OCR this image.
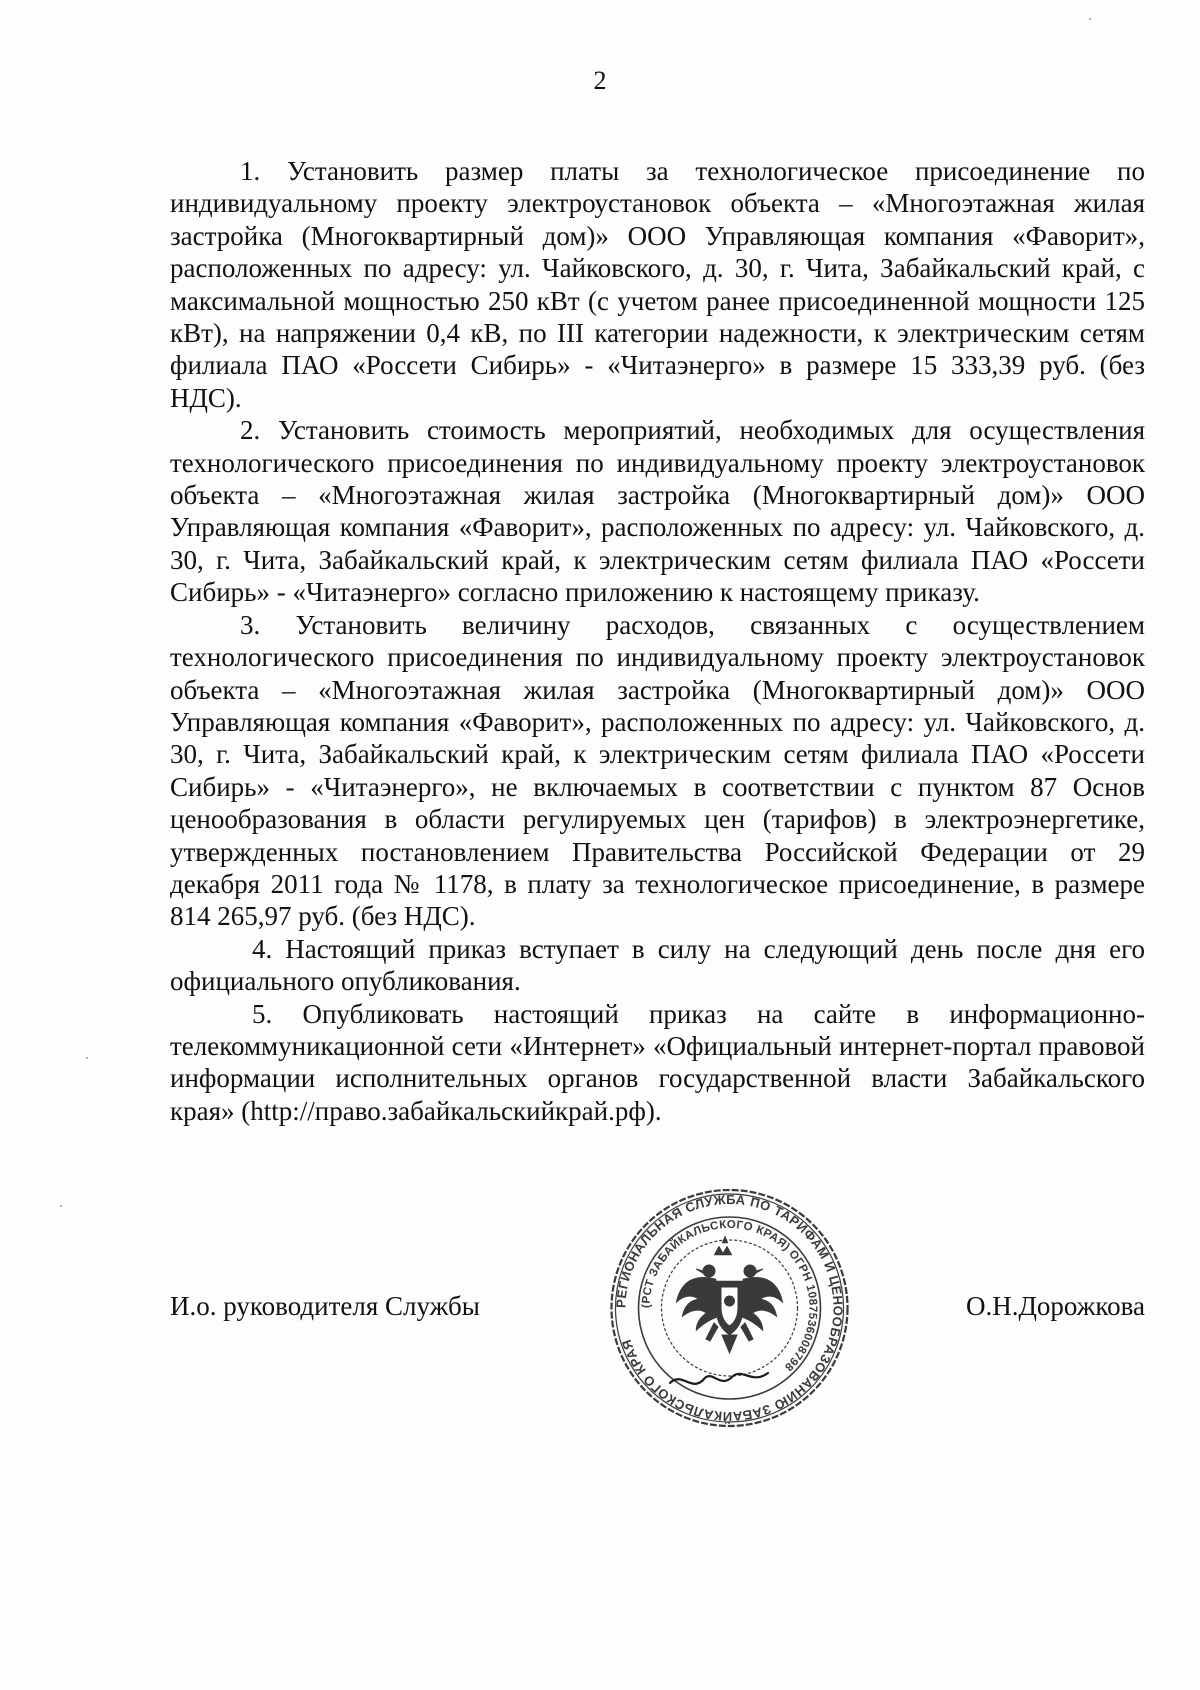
2

1. Установить размер платы за технологическое присоединение по индивидуальному проекту электроустановок объекта – «Многоэтажная жилая застройка (Многоквартирный дом)» ООО Управляющая компания «Фаворит», расположенных по адресу: ул. Чайковского, д. 30, г. Чита, Забайкальский край, с максимальной мощностью 250 кВт (с учетом ранее присоединенной мощности 125 кВт), на напряжении 0,4 кВ, по III категории надежности, к электрическим сетям филиала ПАО «Россети Сибирь» - «Читаэнерго» в размере 15 333,39 руб. (без НДС).

2. Установить стоимость мероприятий, необходимых для осуществления технологического присоединения по индивидуальному проекту электроустановок объекта – «Многоэтажная жилая застройка (Многоквартирный дом)» ООО Управляющая компания «Фаворит», расположенных по адресу: ул. Чайковского, д. 30, г. Чита, Забайкальский край, к электрическим сетям филиала ПАО «Россети Сибирь» - «Читаэнерго» согласно приложению к настоящему приказу.

3. Установить величину расходов, связанных с осуществлением технологического присоединения по индивидуальному проекту электроустановок объекта – «Многоэтажная жилая застройка (Многоквартирный дом)» ООО Управляющая компания «Фаворит», расположенных по адресу: ул. Чайковского, д. 30, г. Чита, Забайкальский край, к электрическим сетям филиала ПАО «Россети Сибирь» - «Читаэнерго», не включаемых в соответствии с пунктом 87 Основ ценообразования в области регулируемых цен (тарифов) в электроэнергетике, утвержденных постановлением Правительства Российской Федерации от 29 декабря 2011 года № 1178, в плату за технологическое присоединение, в размере 814 265,97 руб. (без НДС).

4. Настоящий приказ вступает в силу на следующий день после дня его официального опубликования.

5. Опубликовать настоящий приказ на сайте в информационно-телекоммуникационной сети «Интернет» «Официальный интернет-портал правовой информации исполнительных органов государственной власти Забайкальского края» (http://право.забайкальскийкрай.рф).

РЕГИОНАЛЬНАЯ СЛУЖБА ПО ТАРИФАМ И ЦЕНООБРАЗОВАНИЮ ЗАБАЙКАЛЬСКОГО КРАЯ
(РСТ ЗАБАЙКАЛЬСКОГО КРАЯ) ОГРН 1087536008798
И.о. руководителя Службы	О.Н.Дорожкова
